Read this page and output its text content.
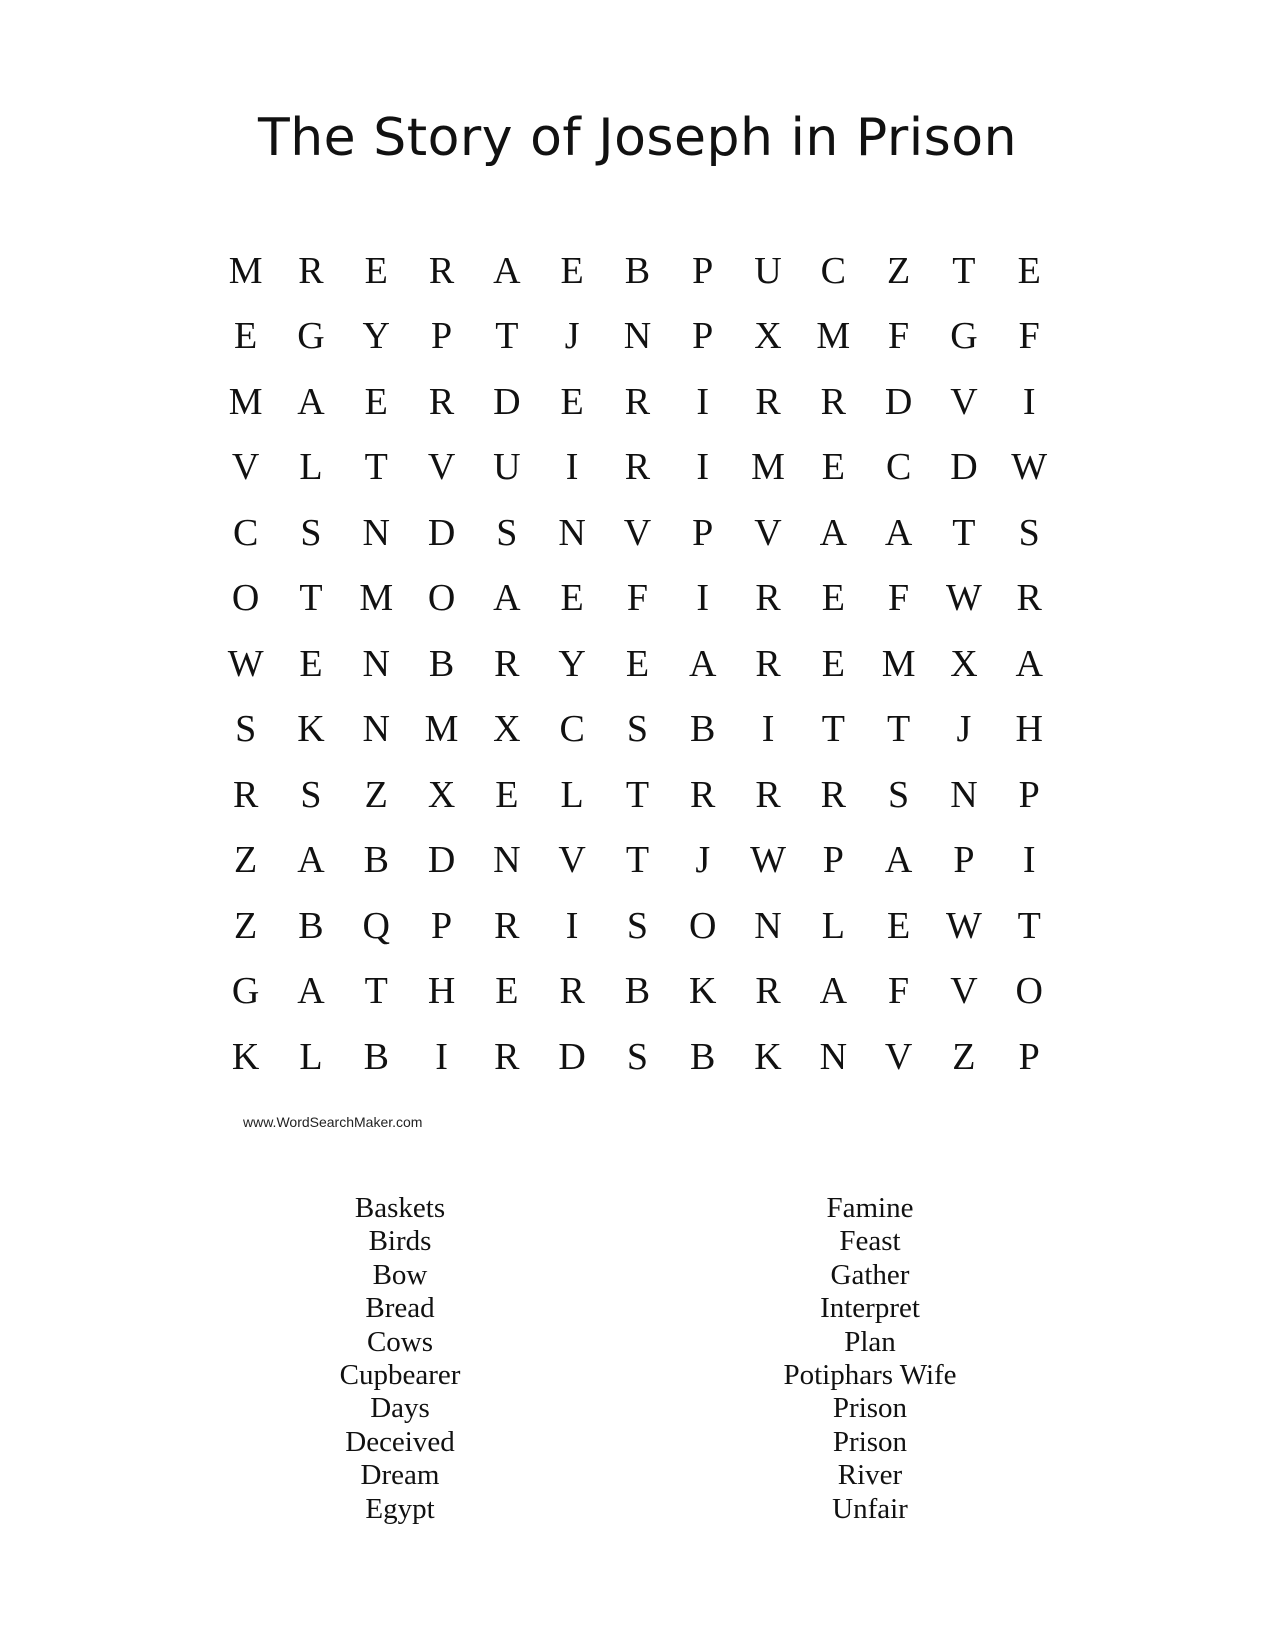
The Story of Joseph in Prison
M R	E	R	A	E	B	P	U	C	Z	T	E
E	G Y	P	T	J	N	P	X M F	G	F
M A	E	R	D	E	R	I	R	R	D V	I
V	L	T	V U	I	R	I	M E	C	D W
C	S	N D	S	N V	P	V A A	T	S
O	T M O A	E	F	I	R	E	F W R
W E	N	B	R	Y	E	A	R	E M X A
S	K N M X	C	S	B	I	T	T	J	H
R	S	Z	X	E	L	T	R	R	R	S	N	P
Z	A	B	D N V	T	J	W P	A	P	I
Z	B	Q	P	R	I	S	O N	L	E W T
G A	T	H	E	R	B	K	R	A	F	V O
K	L	B	I	R	D	S	B	K N V	Z	P
www.WordSearchMaker.com
Baskets
Birds
Bow
Bread
Cows
Cupbearer
Days
Deceived
Dream
Egypt
Famine
Feast
Gather
Interpret
Plan
Potiphars Wife
Prison
Prison
River
Unfair
